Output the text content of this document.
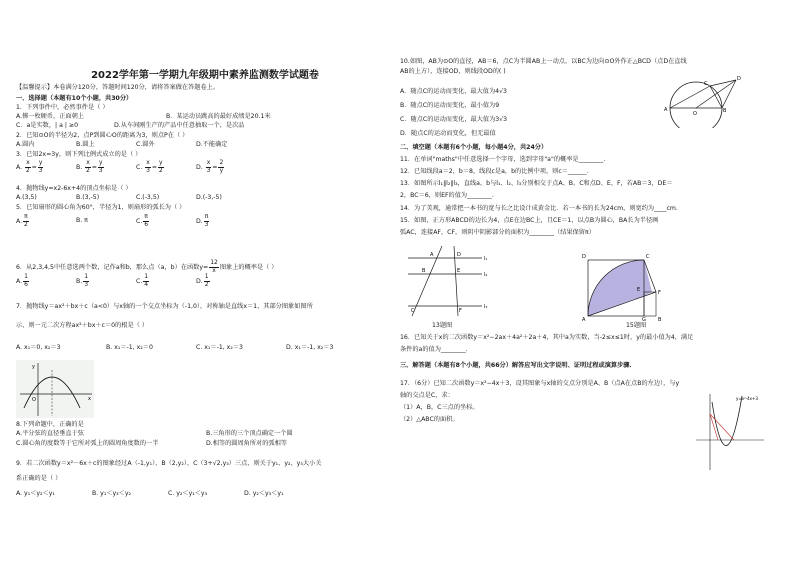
2022学年第一学期九年级期中素养监测数学试题卷
【温馨提示】本卷满分120分，答题时间120分，请将答案做在答题卷上。
一、选择题（本题有10个小题，共30分）
1．下列事件中，必然事件是（ ）
A.掷一枚硬币，正面朝上	B．某运动员跳高的最好成绩是20.1米
C．a是实数，| a | ≥0	D.从车间刚生产的产品中任意抽取一个，是次品
2．已知⊙O的半径为2，点P到圆心O的距离为3，则点P在（ ）
A.圆内	B.圆上	C.圆外	D.不能确定
3．已知2x=3y，则下列比例式成立的是（ ）
A. $\frac{x}{2} = \frac{y}{3}$	B. $\frac{x}{2} = \frac{y}{3}$	C. $\frac{x}{3} = \frac{y}{2}$	D. $\frac{x}{3} = \frac{2}{y}$
4．抛物线y=x2-6x+4的顶点坐标是（ ）
A.(3,5)	B.(3,-5)	C.(-3,5)	D.(-3,-5)
5．已知扇形的圆心角为60°，半径为1，则扇形的弧长为（ ）
A. $\frac{\pi}{2}$	B. π	C. $\frac{\pi}{6}$	D. $\frac{\pi}{3}$
6．从2,3,4,5中任意选两个数，记作a和b，那么点（a，b）在函数$y= \frac{12}{x}$ 图象上的概率是（ ）
A. $\frac{1}{6}$	B. $\frac{1}{3}$	C. $\frac{1}{4}$	D. $\frac{1}{2}$
7．抛物线y＝ax²＋bx＋c（a<0）与x轴的一个交点坐标为（-1,0），对称轴是直线x＝1，其部分图象如图所
示，则一元二次方程ax²＋bx＋c＝0的根是（ ）
A. x₁＝0, x₂＝3	B. x₁＝-1, x₂＝0	C. x₁＝-1, x₂＝3	D. x₁＝-1, x₂＝3
y
O	x
8.下列命题中，正确的是
A.平分弦的直径垂直于弦	B.三角形的三个顶点确定一个圆
C.圆心角的度数等于它所对弧上的圆周角度数的一半	D.相等的圆周角所对的弧相等
9．若二次函数y＝x²－6x＋c的图象经过A（-1,y₁）、B（2,y₂）、C（3+√2,y₃）三点，则关于y₁、y₂、y₃大小关
系正确的是（ ）
A. y₁＜y₂＜y₁	B. y₁＜y₃＜y₂	C. y₂＜y₁＜y₃	D. y₂＜y₃＜y₁
10.如图，AB为⊙O的直径，AB＝6，点C为半圆AB上一动点，以BC为边向⊙O外作正△BCD（点D在直线
AB的上方），连接OD，则线段OD的( )
A．随点C的运动而变化，最大值为4√3
B．随点C的运动而变化，最小值为9
C．随点C的运动而变化，最大值为3√3
D．随点C的运动而变化，但无最值
D
C
A
O	B
二、填空题（本题有6个小题，每小题4分，共24分）
11．在单词"maths"中任意选择一个字母，选到字母"a"的概率是________．
12．已知线段a＝2，b＝8，线段c是a，b的比例中项，则c＝______．
13．如图所示l₁∥l₂∥l₃，直线a，b与l₁、l₂、l₃分别相交于点A、B、C和点D、E、F，若AB＝3，DE＝
2，BC＝6，则EF的值为________．
14．为了美观，通常把一本书的宽与长之比设计成黄金比．若一本书的长为24cm，则宽约为____cm．
15．如图，正方形ABCD的边长为4，点E在边BC上，且CE＝1，以点B为圆心，BA长为半径画
弧AC，连接AF，CF，则阴中阴影部分的面积为________（结果保留π）
A	D
B	E
C	F
l₁
l₂
l₃
13题图
D	C
E	F
A	G B
15题图
16．已知关于x的二次函数y＝x²−2ax＋4a²＋2a＋4，其中a为实数，当-2≤x≤1时，y的最小值为4，满足
条件的a的值为________．
三、解答题（本题有8个小题，共66分）解答应写出文字说明、证明过程或演算步骤．
17．（6分）已知二次函数y＝x²−4x＋3，设其图象与x轴的交点分别是A、B（点A在点B的左边），与y
轴的交点是C，求：
（1）A，B，C三点的坐标。
（2）△ABC的面积。
y=x²-4x+3
